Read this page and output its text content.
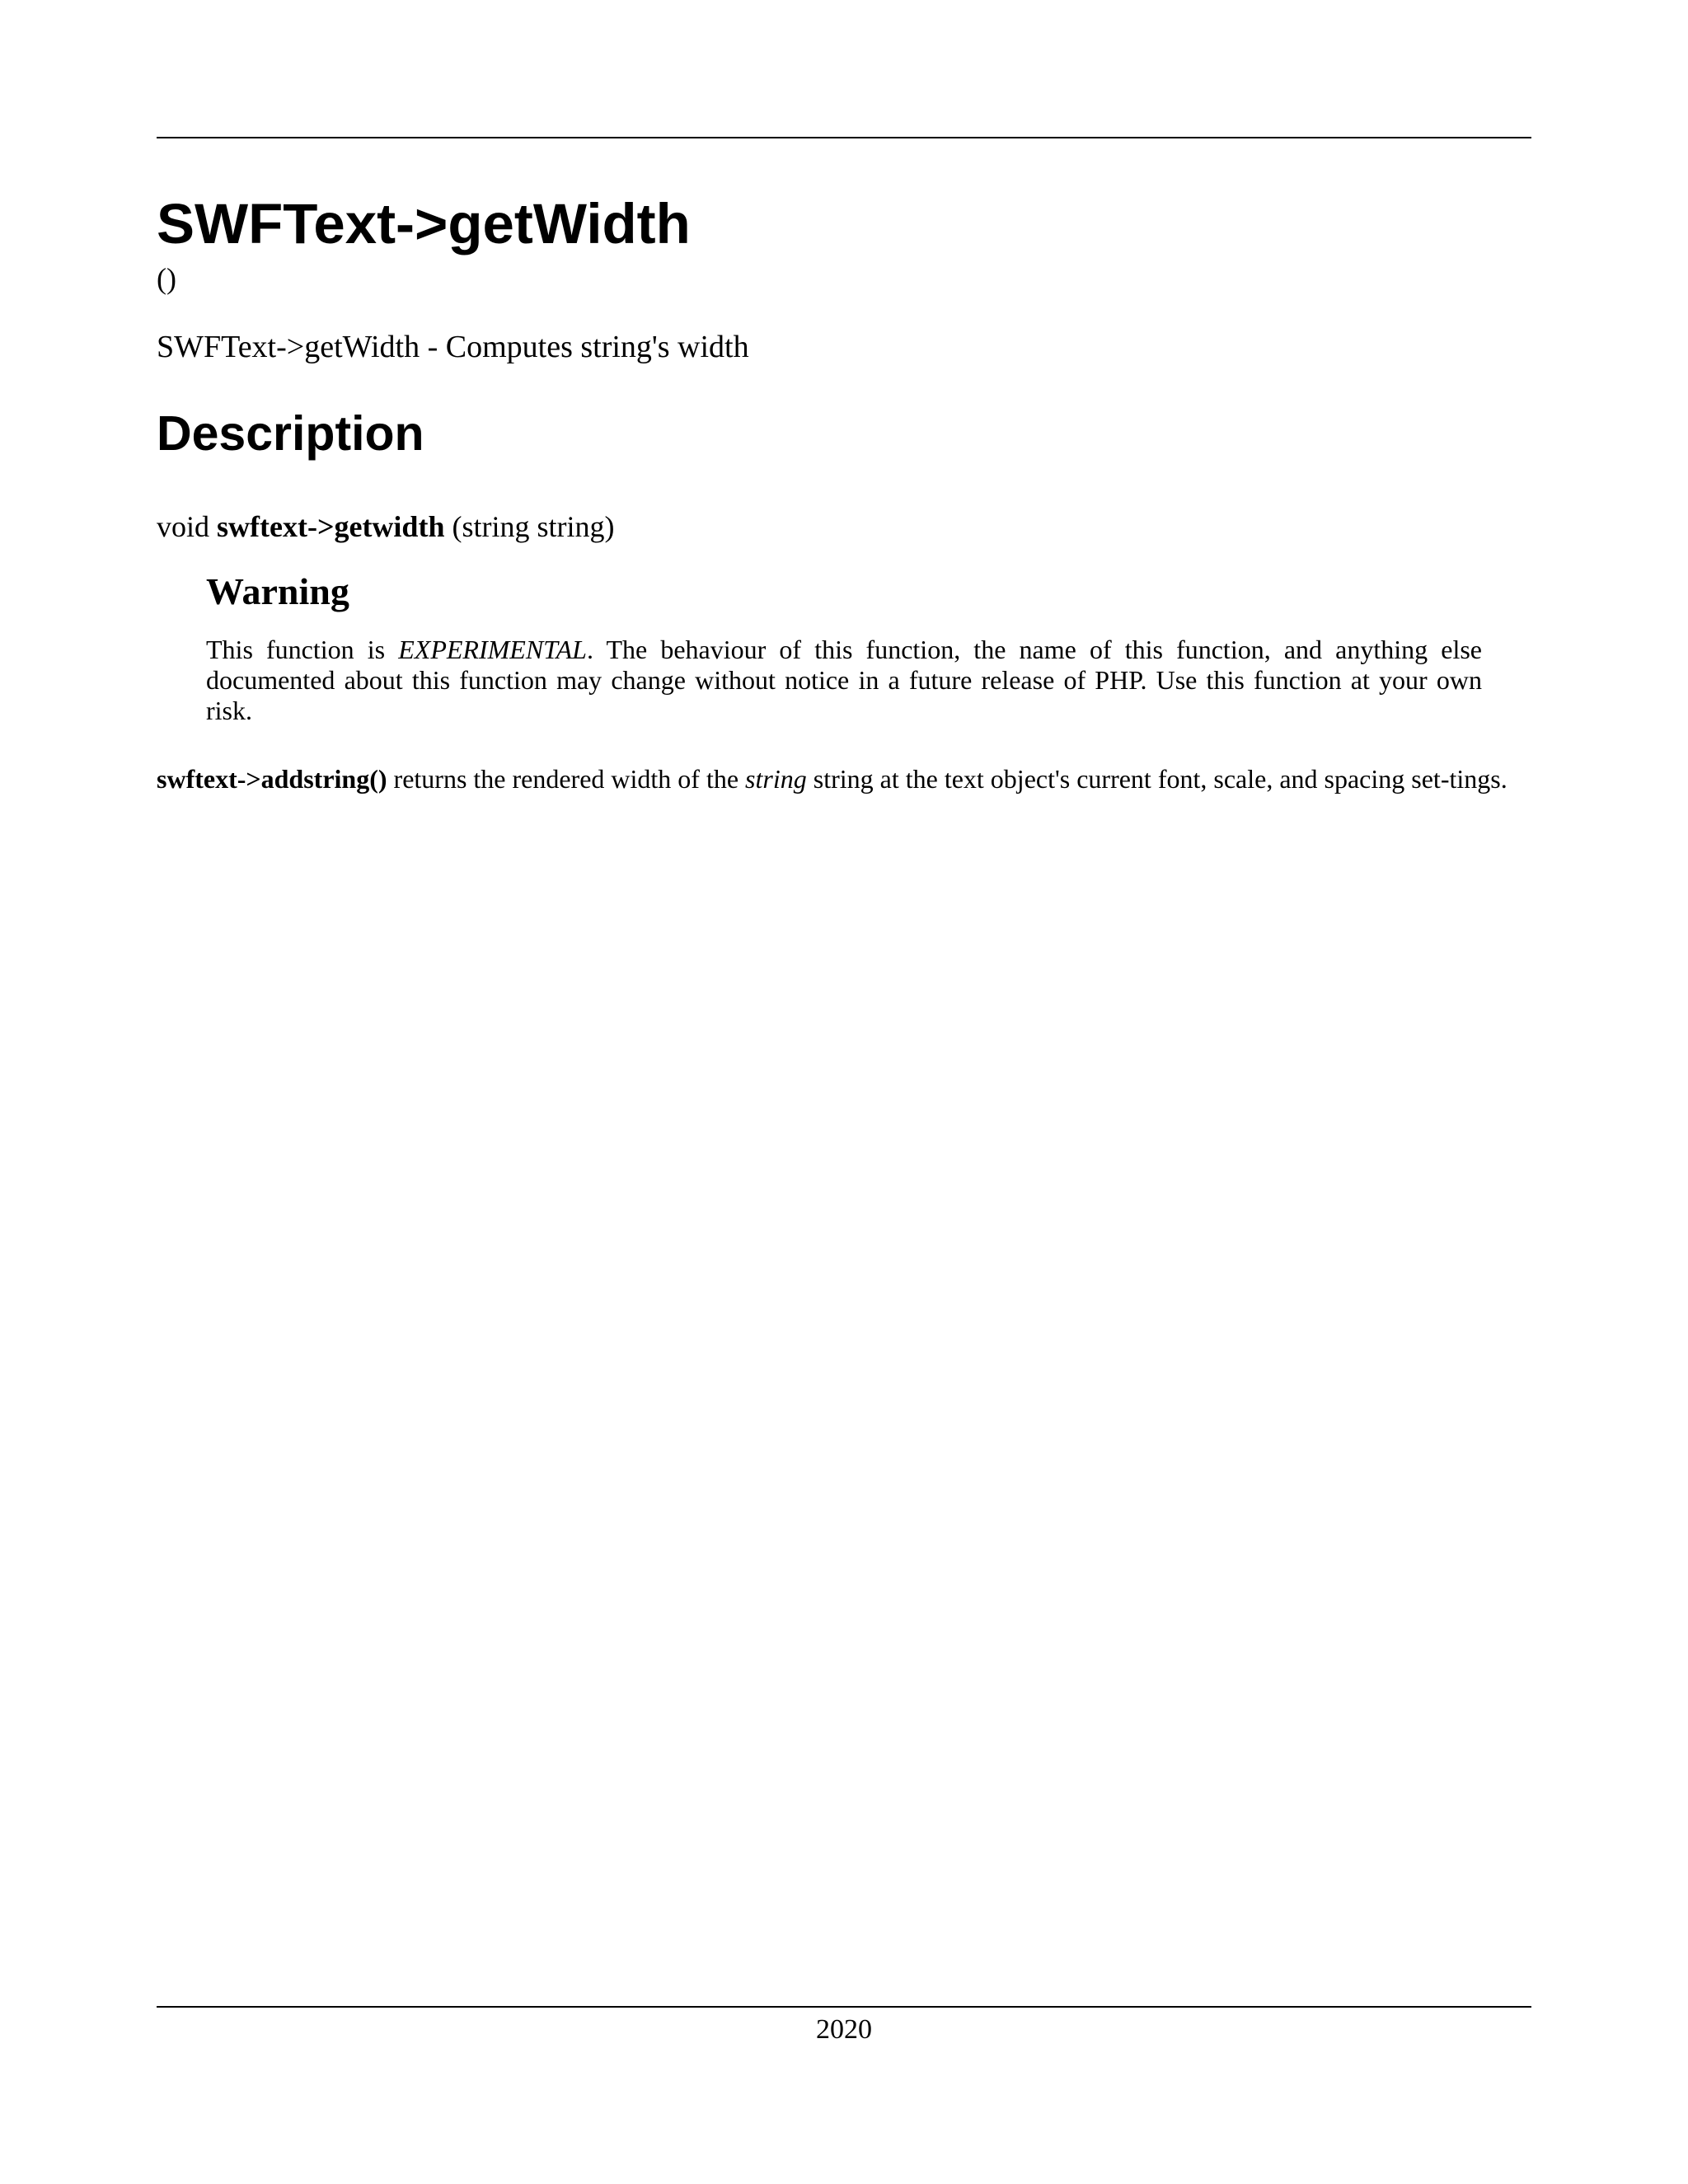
SWFText->getWidth

()

SWFText->getWidth - Computes string's width

Description

void swftext->getwidth (string string)

Warning

This function is EXPERIMENTAL. The behaviour of this function, the name of this function, and anything else documented about this function may change without notice in a future release of PHP. Use this function at your own risk.

swftext->addstring() returns the rendered width of the string string at the text object's current font, scale, and spacing set-tings.

2020
